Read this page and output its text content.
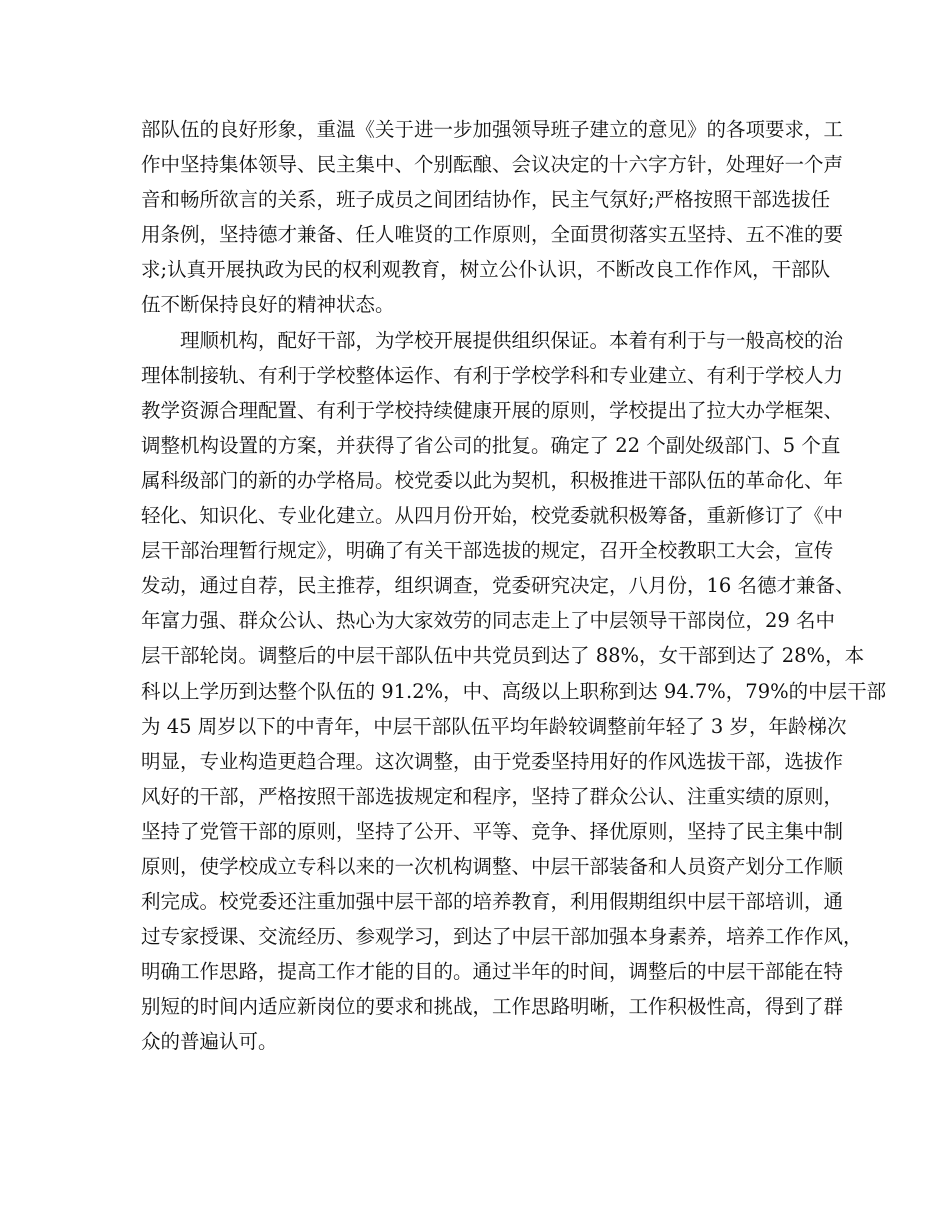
部队伍的良好形象，重温《关于进一步加强领导班子建立的意见》的各项要求，工
作中坚持集体领导、民主集中、个别酝酿、会议决定的十六字方针，处理好一个声
音和畅所欲言的关系，班子成员之间团结协作，民主气氛好;严格按照干部选拔任
用条例，坚持德才兼备、任人唯贤的工作原则，全面贯彻落实五坚持、五不准的要
求;认真开展执政为民的权利观教育，树立公仆认识，不断改良工作作风，干部队
伍不断保持良好的精神状态。
理顺机构，配好干部，为学校开展提供组织保证。本着有利于与一般高校的治
理体制接轨、有利于学校整体运作、有利于学校学科和专业建立、有利于学校人力
教学资源合理配置、有利于学校持续健康开展的原则，学校提出了拉大办学框架、
调整机构设置的方案，并获得了省公司的批复。确定了 22 个副处级部门、5 个直
属科级部门的新的办学格局。校党委以此为契机，积极推进干部队伍的革命化、年
轻化、知识化、专业化建立。从四月份开始，校党委就积极筹备，重新修订了《中
层干部治理暂行规定》，明确了有关干部选拔的规定，召开全校教职工大会，宣传
发动，通过自荐，民主推荐，组织调查，党委研究决定，八月份，16 名德才兼备、
年富力强、群众公认、热心为大家效劳的同志走上了中层领导干部岗位，29 名中
层干部轮岗。调整后的中层干部队伍中共党员到达了 88%，女干部到达了 28%，本
科以上学历到达整个队伍的 91.2%，中、高级以上职称到达 94.7%，79%的中层干部
为 45 周岁以下的中青年，中层干部队伍平均年龄较调整前年轻了 3 岁，年龄梯次
明显，专业构造更趋合理。这次调整，由于党委坚持用好的作风选拔干部，选拔作
风好的干部，严格按照干部选拔规定和程序，坚持了群众公认、注重实绩的原则，
坚持了党管干部的原则，坚持了公开、平等、竞争、择优原则，坚持了民主集中制
原则，使学校成立专科以来的一次机构调整、中层干部装备和人员资产划分工作顺
利完成。校党委还注重加强中层干部的培养教育，利用假期组织中层干部培训，通
过专家授课、交流经历、参观学习，到达了中层干部加强本身素养，培养工作作风，
明确工作思路，提高工作才能的目的。通过半年的时间，调整后的中层干部能在特
别短的时间内适应新岗位的要求和挑战，工作思路明晰，工作积极性高，得到了群
众的普遍认可。
